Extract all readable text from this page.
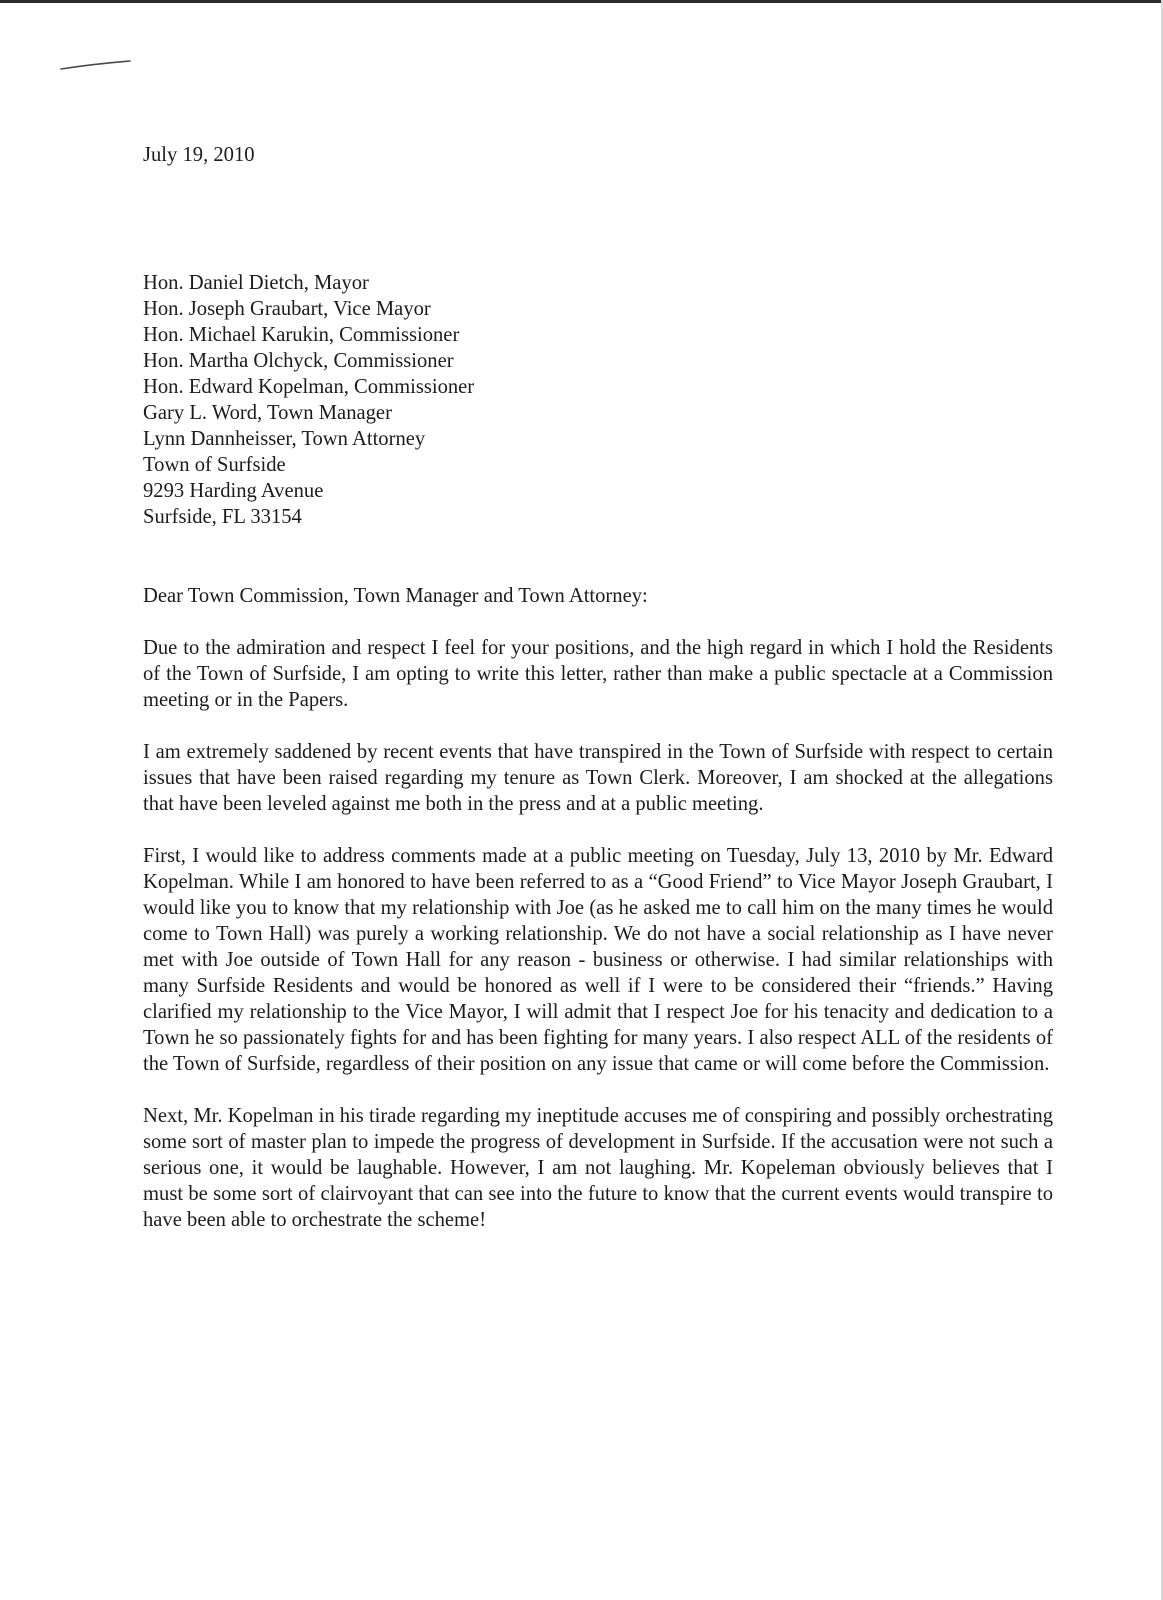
July 19, 2010

Hon. Daniel Dietch, Mayor
Hon. Joseph Graubart, Vice Mayor
Hon. Michael Karukin, Commissioner
Hon. Martha Olchyck, Commissioner
Hon. Edward Kopelman, Commissioner
Gary L. Word, Town Manager
Lynn Dannheisser, Town Attorney
Town of Surfside
9293 Harding Avenue
Surfside, FL 33154

Dear Town Commission, Town Manager and Town Attorney:

Due to the admiration and respect I feel for your positions, and the high regard in which I hold the Residents of the Town of Surfside, I am opting to write this letter, rather than make a public spectacle at a Commission meeting or in the Papers.

I am extremely saddened by recent events that have transpired in the Town of Surfside with respect to certain issues that have been raised regarding my tenure as Town Clerk. Moreover, I am shocked at the allegations that have been leveled against me both in the press and at a public meeting.

First, I would like to address comments made at a public meeting on Tuesday, July 13, 2010 by Mr. Edward Kopelman. While I am honored to have been referred to as a “Good Friend” to Vice Mayor Joseph Graubart, I would like you to know that my relationship with Joe (as he asked me to call him on the many times he would come to Town Hall) was purely a working relationship. We do not have a social relationship as I have never met with Joe outside of Town Hall for any reason - business or otherwise. I had similar relationships with many Surfside Residents and would be honored as well if I were to be considered their “friends.” Having clarified my relationship to the Vice Mayor, I will admit that I respect Joe for his tenacity and dedication to a Town he so passionately fights for and has been fighting for many years. I also respect ALL of the residents of the Town of Surfside, regardless of their position on any issue that came or will come before the Commission.

Next, Mr. Kopelman in his tirade regarding my ineptitude accuses me of conspiring and possibly orchestrating some sort of master plan to impede the progress of development in Surfside. If the accusation were not such a serious one, it would be laughable. However, I am not laughing. Mr. Kopeleman obviously believes that I must be some sort of clairvoyant that can see into the future to know that the current events would transpire to have been able to orchestrate the scheme!
